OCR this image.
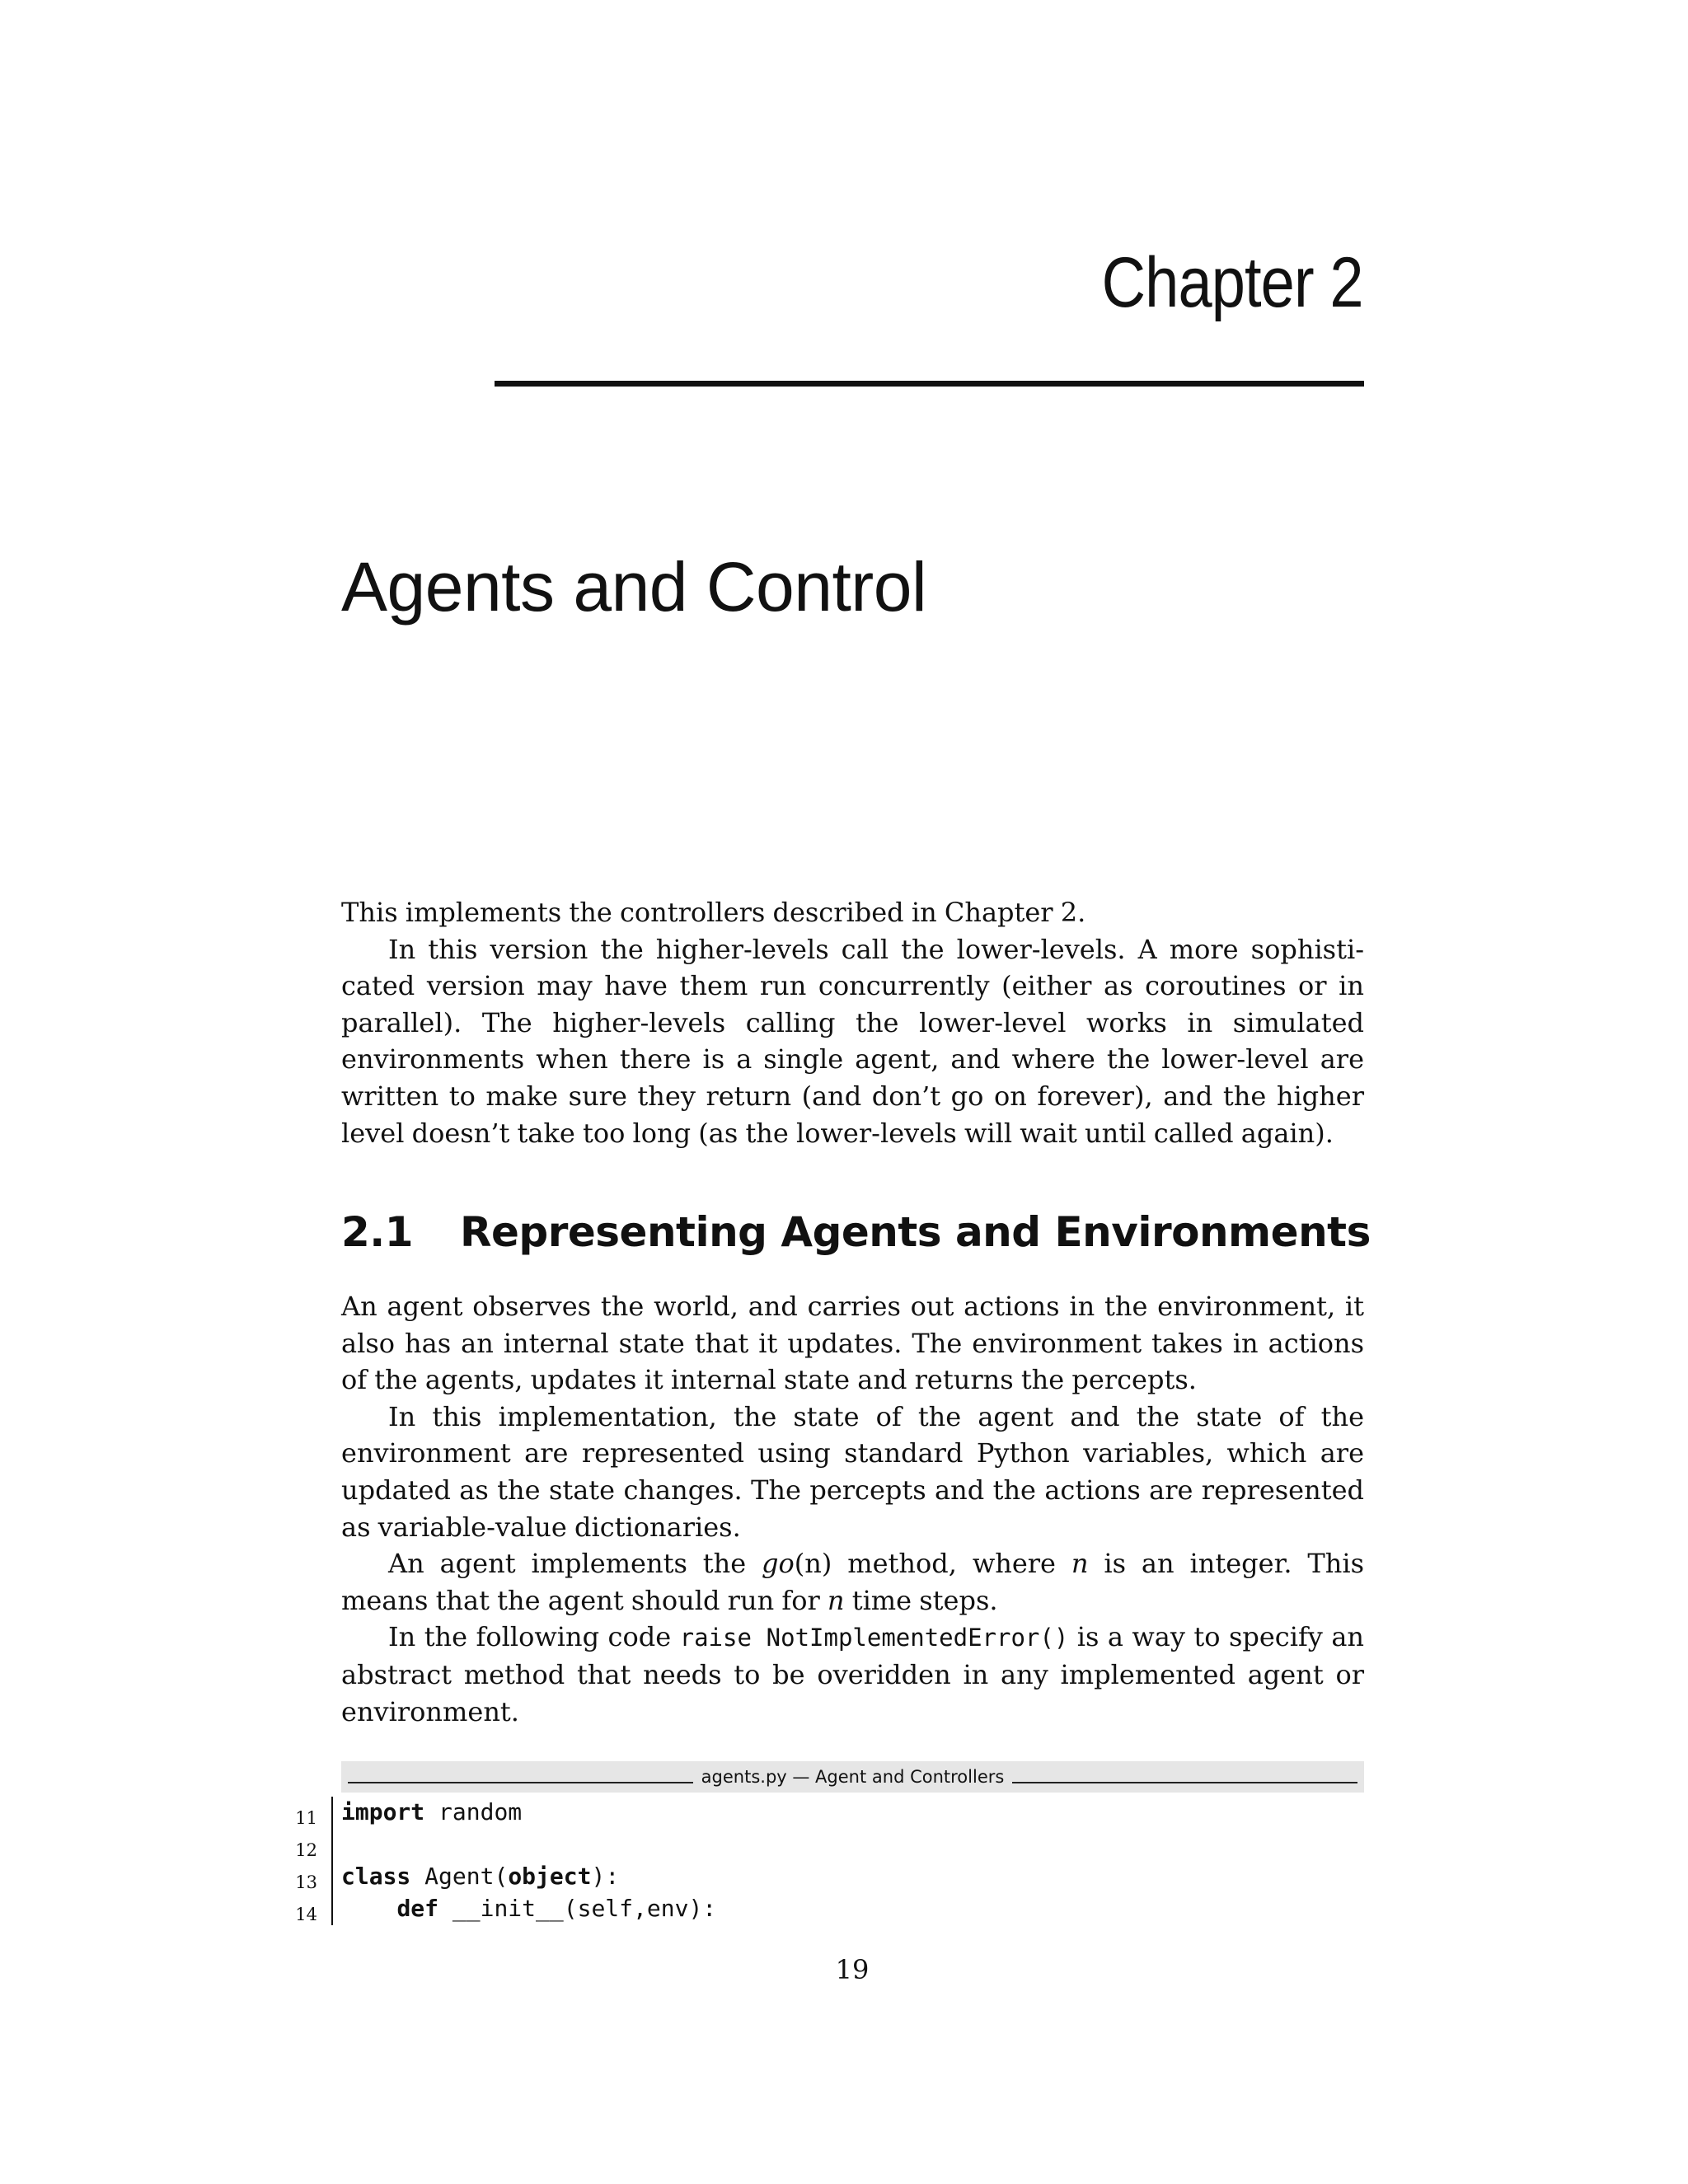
Chapter 2
Agents and Control

This implements the controllers described in Chapter 2.

In this version the higher-levels call the lower-levels. A more sophisticated version may have them run concurrently (either as coroutines or in parallel). The higher-levels calling the lower-level works in simulated environments when there is a single agent, and where the lower-level are written to make sure they return (and don’t go on forever), and the higher level doesn’t take too long (as the lower-levels will wait until called again).

2.1 Representing Agents and Environments

An agent observes the world, and carries out actions in the environment, it also has an internal state that it updates. The environment takes in actions of the agents, updates it internal state and returns the percepts.

In this implementation, the state of the agent and the state of the environment are represented using standard Python variables, which are updated as the state changes. The percepts and the actions are represented as variable-value dictionaries.

An agent implements the go(n) method, where n is an integer. This means that the agent should run for n time steps.

In the following code raise NotImplementedError() is a way to specify an abstract method that needs to be overidden in any implemented agent or environment.

agents.py — Agent and Controllers
11 import random
12
13 class Agent(object):
14	def __init__(self,env):
19
